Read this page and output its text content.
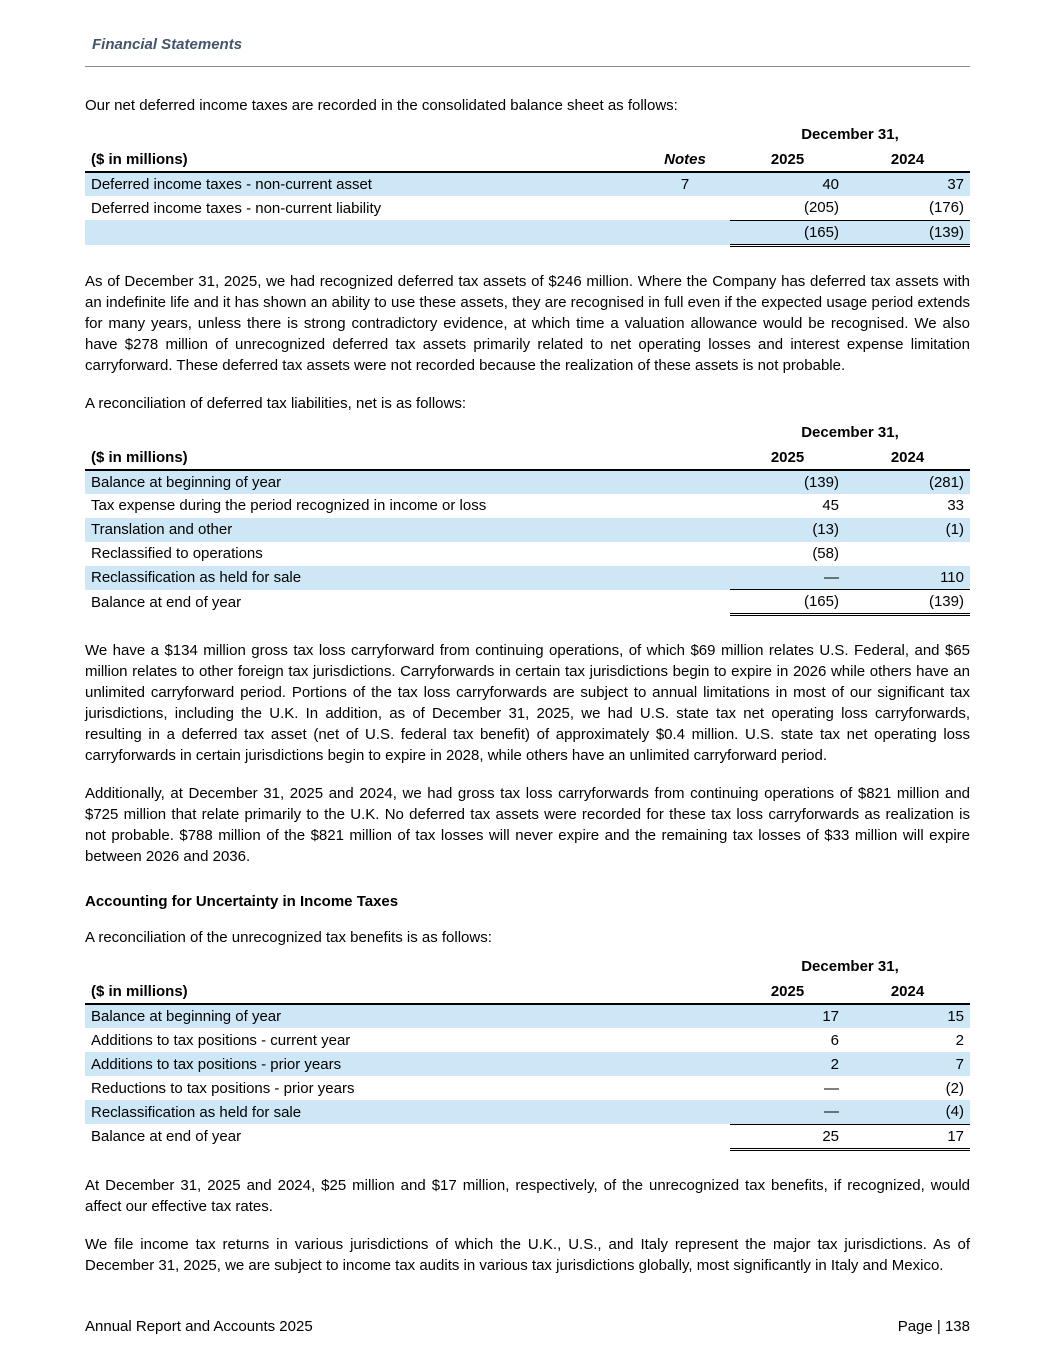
Financial Statements

Our net deferred income taxes are recorded in the consolidated balance sheet as follows:

		December 31,	
($ in millions)	Notes	2025	2024
Deferred income taxes - non-current asset	7	40	37
Deferred income taxes - non-current liability		(205)	(176)
		(165)	(139)

As of December 31, 2025, we had recognized deferred tax assets of $246 million. Where the Company has deferred tax assets with an indefinite life and it has shown an ability to use these assets, they are recognised in full even if the expected usage period extends for many years, unless there is strong contradictory evidence, at which time a valuation allowance would be recognised. We also have $278 million of unrecognized deferred tax assets primarily related to net operating losses and interest expense limitation carryforward. These deferred tax assets were not recorded because the realization of these assets is not probable.

A reconciliation of deferred tax liabilities, net is as follows:

	December 31,	
($ in millions)	2025	2024
Balance at beginning of year	(139)	(281)
Tax expense during the period recognized in income or loss	45	33
Translation and other	(13)	(1)
Reclassified to operations	(58)	
Reclassification as held for sale	—	110
Balance at end of year	(165)	(139)

We have a $134 million gross tax loss carryforward from continuing operations, of which $69 million relates U.S. Federal, and $65 million relates to other foreign tax jurisdictions. Carryforwards in certain tax jurisdictions begin to expire in 2026 while others have an unlimited carryforward period. Portions of the tax loss carryforwards are subject to annual limitations in most of our significant tax jurisdictions, including the U.K. In addition, as of December 31, 2025, we had U.S. state tax net operating loss carryforwards, resulting in a deferred tax asset (net of U.S. federal tax benefit) of approximately $0.4 million. U.S. state tax net operating loss carryforwards in certain jurisdictions begin to expire in 2028, while others have an unlimited carryforward period.

Additionally, at December 31, 2025 and 2024, we had gross tax loss carryforwards from continuing operations of $821 million and $725 million that relate primarily to the U.K. No deferred tax assets were recorded for these tax loss carryforwards as realization is not probable. $788 million of the $821 million of tax losses will never expire and the remaining tax losses of $33 million will expire between 2026 and 2036.

Accounting for Uncertainty in Income Taxes

A reconciliation of the unrecognized tax benefits is as follows:

	December 31,	
($ in millions)	2025	2024
Balance at beginning of year	17	15
Additions to tax positions - current year	6	2
Additions to tax positions - prior years	2	7
Reductions to tax positions - prior years	—	(2)
Reclassification as held for sale	—	(4)
Balance at end of year	25	17

At December 31, 2025 and 2024, $25 million and $17 million, respectively, of the unrecognized tax benefits, if recognized, would affect our effective tax rates.

We file income tax returns in various jurisdictions of which the U.K., U.S., and Italy represent the major tax jurisdictions. As of December 31, 2025, we are subject to income tax audits in various tax jurisdictions globally, most significantly in Italy and Mexico.

Annual Report and Accounts 2025	Page | 138
